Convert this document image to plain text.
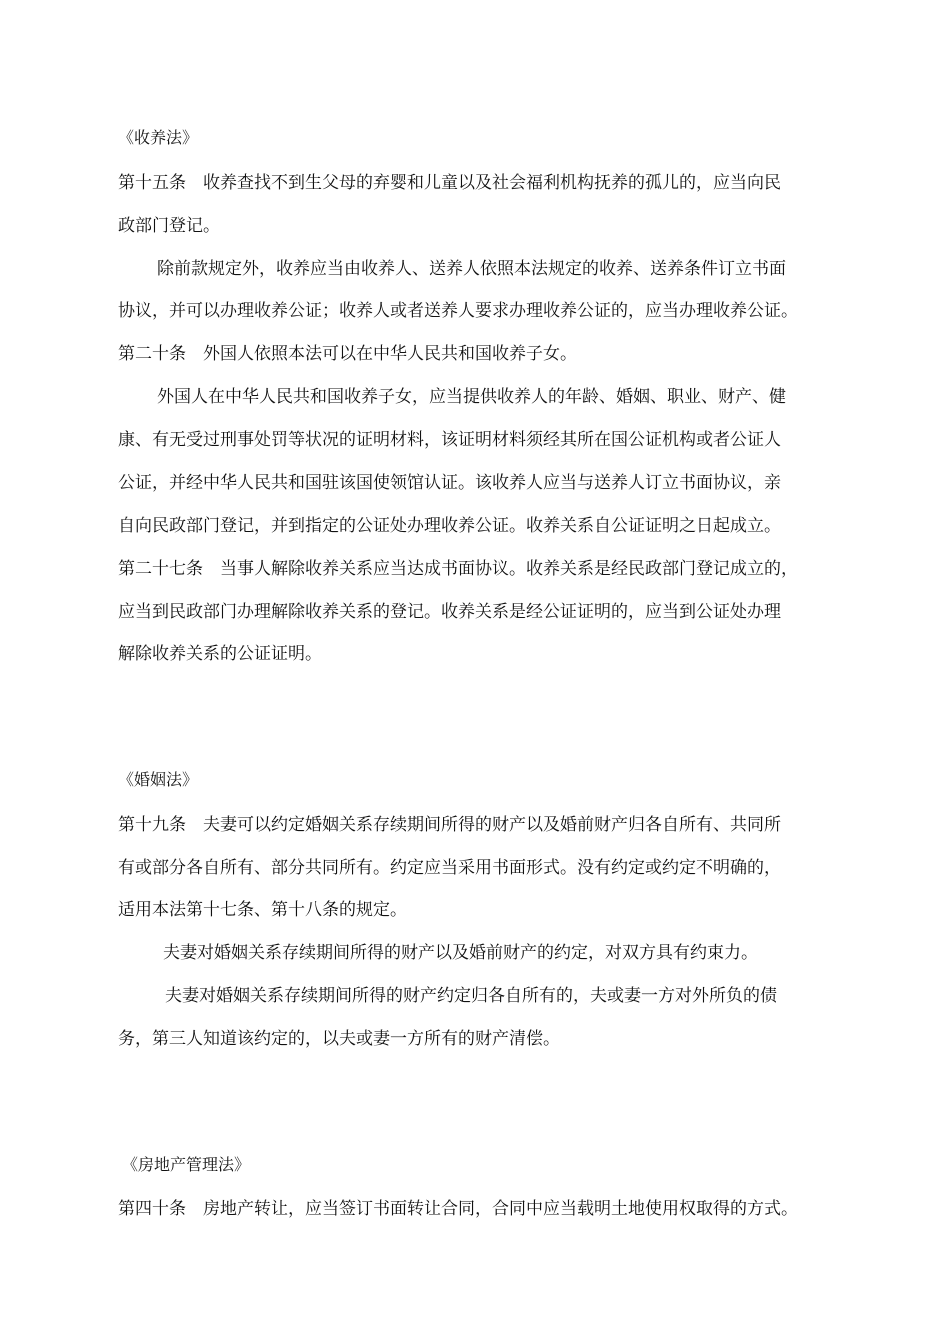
《收养法》
第十五条　收养查找不到生父母的弃婴和儿童以及社会福利机构抚养的孤儿的，应当向民
政部门登记。
除前款规定外，收养应当由收养人、送养人依照本法规定的收养、送养条件订立书面
协议，并可以办理收养公证；收养人或者送养人要求办理收养公证的，应当办理收养公证。
第二十条　外国人依照本法可以在中华人民共和国收养子女。
外国人在中华人民共和国收养子女，应当提供收养人的年龄、婚姻、职业、财产、健
康、有无受过刑事处罚等状况的证明材料，该证明材料须经其所在国公证机构或者公证人
公证，并经中华人民共和国驻该国使领馆认证。该收养人应当与送养人订立书面协议，亲
自向民政部门登记，并到指定的公证处办理收养公证。收养关系自公证证明之日起成立。
第二十七条　当事人解除收养关系应当达成书面协议。收养关系是经民政部门登记成立的，
应当到民政部门办理解除收养关系的登记。收养关系是经公证证明的，应当到公证处办理
解除收养关系的公证证明。
《婚姻法》
第十九条　夫妻可以约定婚姻关系存续期间所得的财产以及婚前财产归各自所有、共同所
有或部分各自所有、部分共同所有。约定应当采用书面形式。没有约定或约定不明确的，
适用本法第十七条、第十八条的规定。
夫妻对婚姻关系存续期间所得的财产以及婚前财产的约定，对双方具有约束力。
夫妻对婚姻关系存续期间所得的财产约定归各自所有的，夫或妻一方对外所负的债
务，第三人知道该约定的，以夫或妻一方所有的财产清偿。
《房地产管理法》
第四十条　房地产转让，应当签订书面转让合同，合同中应当载明土地使用权取得的方式。
